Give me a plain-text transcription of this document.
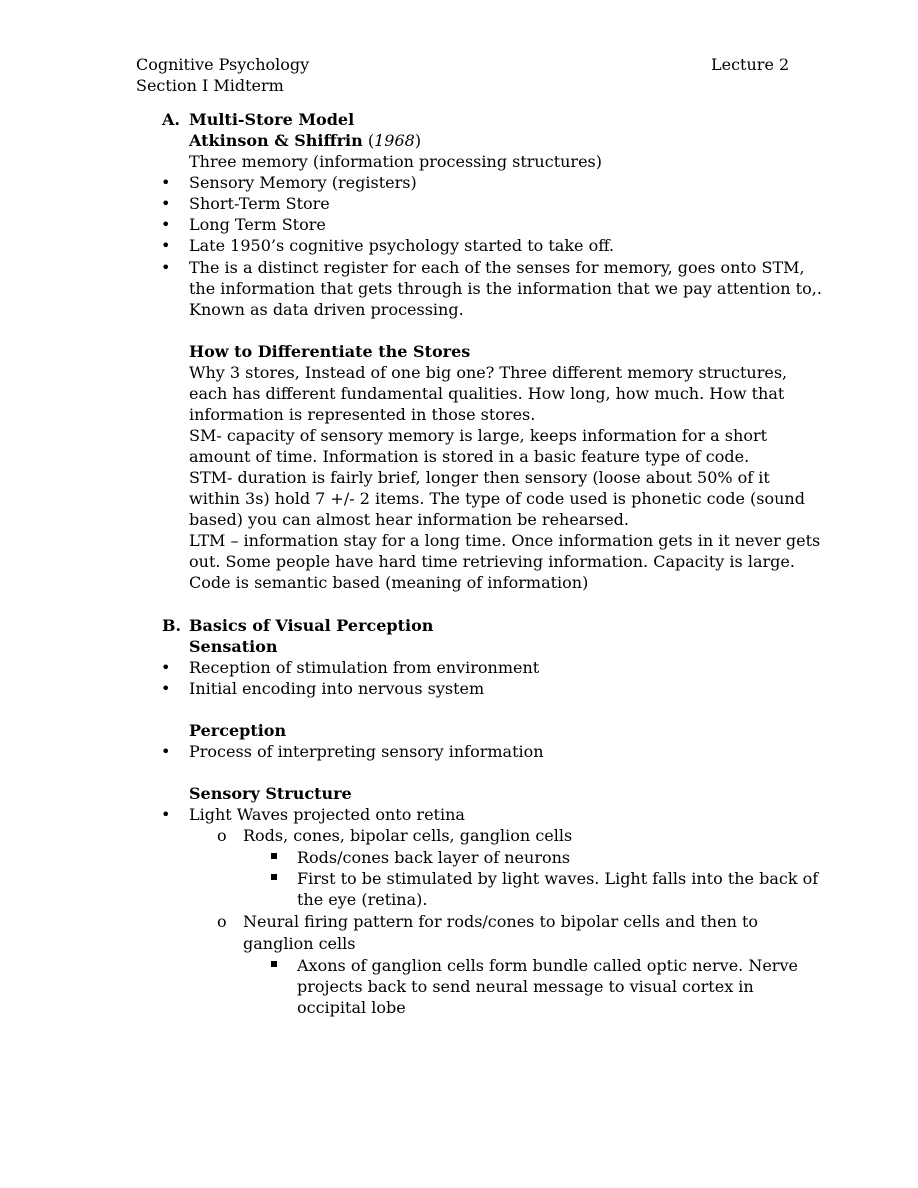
Cognitive Psychology	Lecture 2
Section I Midterm
A. Multi-Store Model
Atkinson & Shiffrin (1968)
Three memory (information processing structures)
• Sensory Memory (registers)
• Short-Term Store
• Long Term Store
• Late 1950’s cognitive psychology started to take off.
• The is a distinct register for each of the senses for memory, goes onto STM,
the information that gets through is the information that we pay attention to,.
Known as data driven processing.
How to Differentiate the Stores
Why 3 stores, Instead of one big one? Three different memory structures,
each has different fundamental qualities. How long, how much. How that
information is represented in those stores.
SM- capacity of sensory memory is large, keeps information for a short
amount of time. Information is stored in a basic feature type of code.
STM- duration is fairly brief, longer then sensory (loose about 50% of it
within 3s) hold 7 +/- 2 items. The type of code used is phonetic code (sound
based) you can almost hear information be rehearsed.
LTM – information stay for a long time. Once information gets in it never gets
out. Some people have hard time retrieving information. Capacity is large.
Code is semantic based (meaning of information)
B. Basics of Visual Perception
Sensation
• Reception of stimulation from environment
• Initial encoding into nervous system
Perception
• Process of interpreting sensory information
Sensory Structure
• Light Waves projected onto retina
o Rods, cones, bipolar cells, ganglion cells
Rods/cones back layer of neurons
First to be stimulated by light waves. Light falls into the back of
the eye (retina).
o Neural firing pattern for rods/cones to bipolar cells and then to
ganglion cells
Axons of ganglion cells form bundle called optic nerve. Nerve
projects back to send neural message to visual cortex in
occipital lobe
